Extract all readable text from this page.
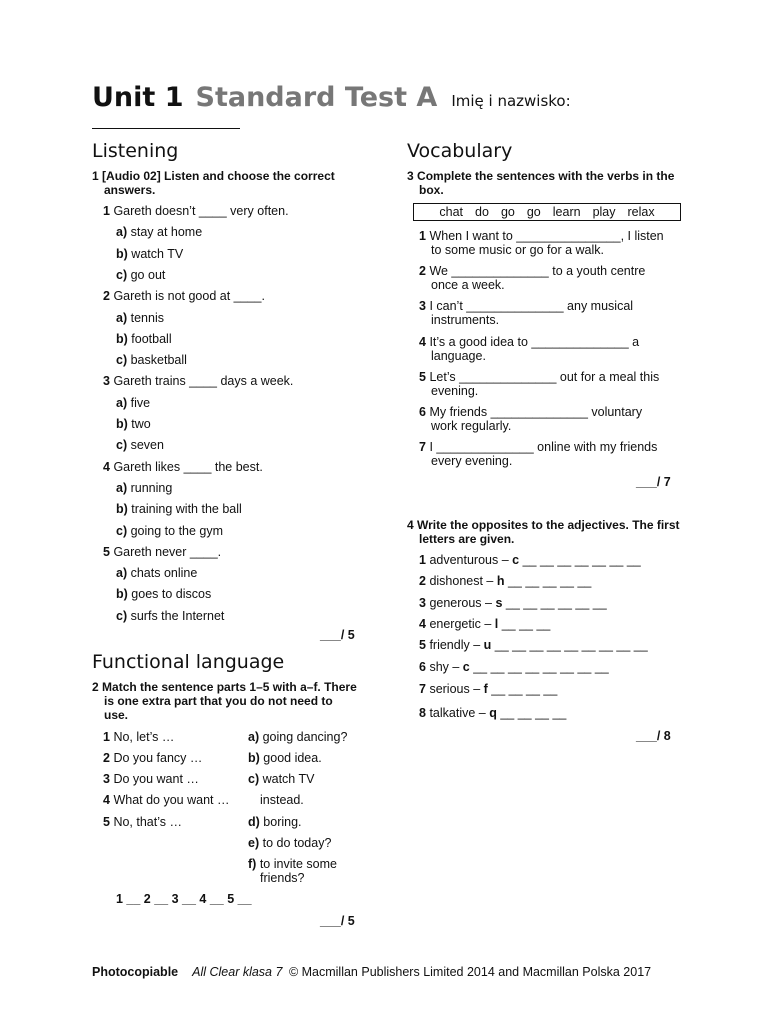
Unit 1 Standard Test A Imię i nazwisko:
Listening
1 [Audio 02] Listen and choose the correct answers.
1 Gareth doesn’t ____ very often.
a) stay at home
b) watch TV
c) go out
2 Gareth is not good at ____.
a) tennis
b) football
c) basketball
3 Gareth trains ____ days a week.
a) five
b) two
c) seven
4 Gareth likes ____ the best.
a) running
b) training with the ball
c) going to the gym
5 Gareth never ____.
a) chats online
b) goes to discos
c) surfs the Internet
___/ 5
Functional language
2 Match the sentence parts 1–5 with a–f. There is one extra part that you do not need to use.
1 No, let’s …
2 Do you fancy …
3 Do you want …
4 What do you want …
5 No, that’s …
a) going dancing?
b) good idea.
c) watch TV
instead.
d) boring.
e) to do today?
f) to invite some
friends?
1 __ 2 __ 3 __ 4 __ 5 __
___/ 5
Vocabulary
3 Complete the sentences with the verbs in the box.
chat do go go learn play relax
1 When I want to _______________, I listen
to some music or go for a walk.
2 We ______________ to a youth centre
once a week.
3 I can’t ______________ any musical
instruments.
4 It’s a good idea to ______________ a
language.
5 Let’s ______________ out for a meal this
evening.
6 My friends ______________ voluntary
work regularly.
7 I ______________ online with my friends
every evening.
___/ 7
4 Write the opposites to the adjectives. The first letters are given.
1 adventurous – c __ __ __ __ __ __ __
2 dishonest – h __ __ __ __ __
3 generous – s __ __ __ __ __ __
4 energetic – l __ __ __
5 friendly – u __ __ __ __ __ __ __ __ __
6 shy – c __ __ __ __ __ __ __ __
7 serious – f __ __ __ __
8 talkative – q __ __ __ __
___/ 8
Photocopiable All Clear klasa 7 © Macmillan Publishers Limited 2014 and Macmillan Polska 2017
